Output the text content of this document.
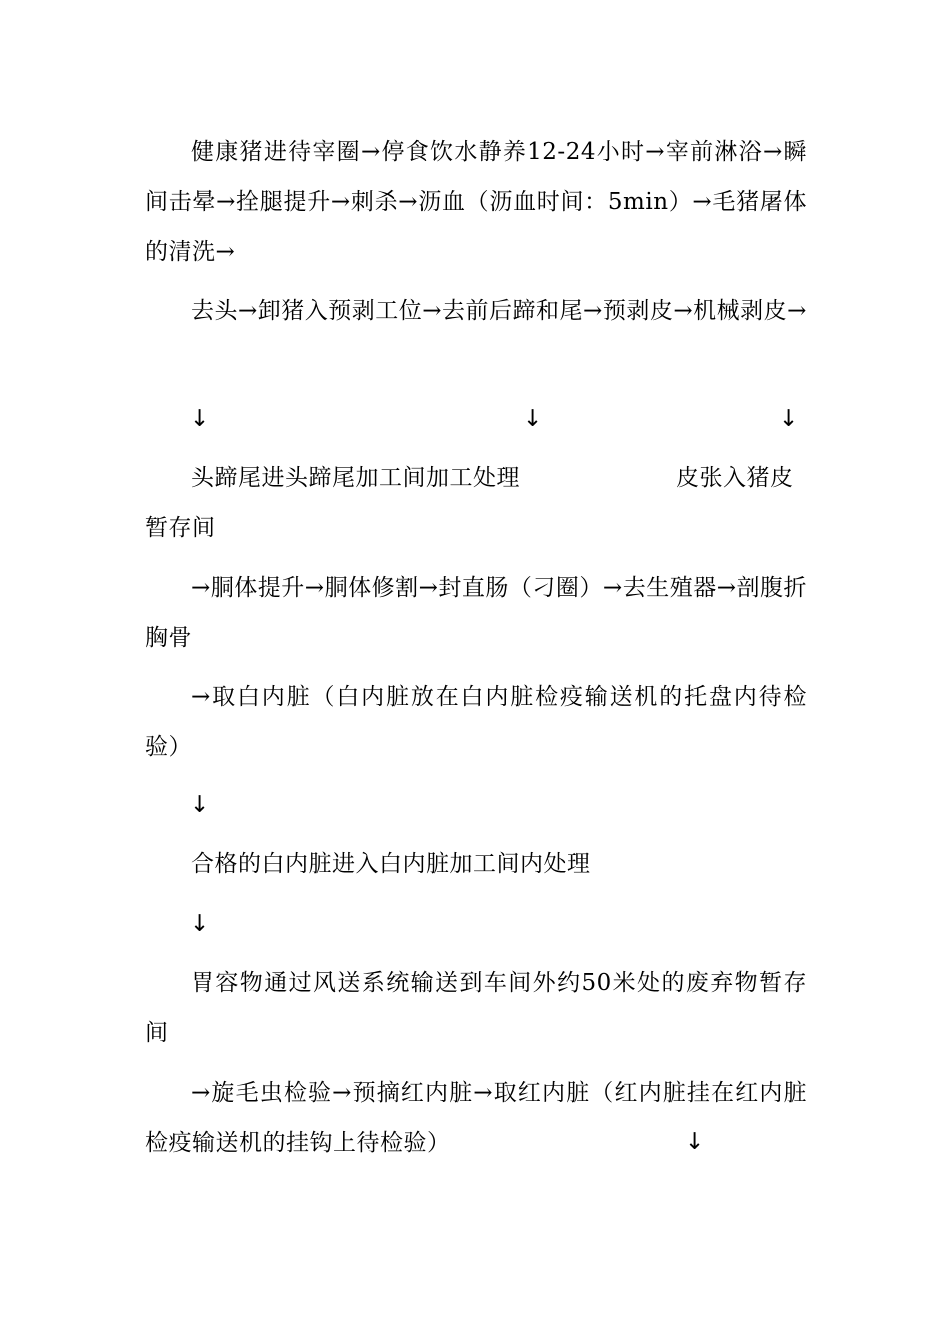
健康猪进待宰圈→停食饮水静养12-24小时→宰前淋浴→瞬间击晕→拴腿提升→刺杀→沥血（沥血时间：5min）→毛猪屠体的清洗→

去头→卸猪入预剥工位→去前后蹄和尾→预剥皮→机械剥皮→

↓	↓	↓
头蹄尾进头蹄尾加工间加工处理	皮张入猪皮
暂存间

→胴体提升→胴体修割→封直肠（刁圈）→去生殖器→剖腹折胸骨

→取白内脏（白内脏放在白内脏检疫输送机的托盘内待检验）

↓
合格的白内脏进入白内脏加工间内处理
↓

胃容物通过风送系统输送到车间外约50米处的废弃物暂存间

→旋毛虫检验→预摘红内脏→取红内脏（红内脏挂在红内脏检疫输送机的挂钩上待检验）	↓
